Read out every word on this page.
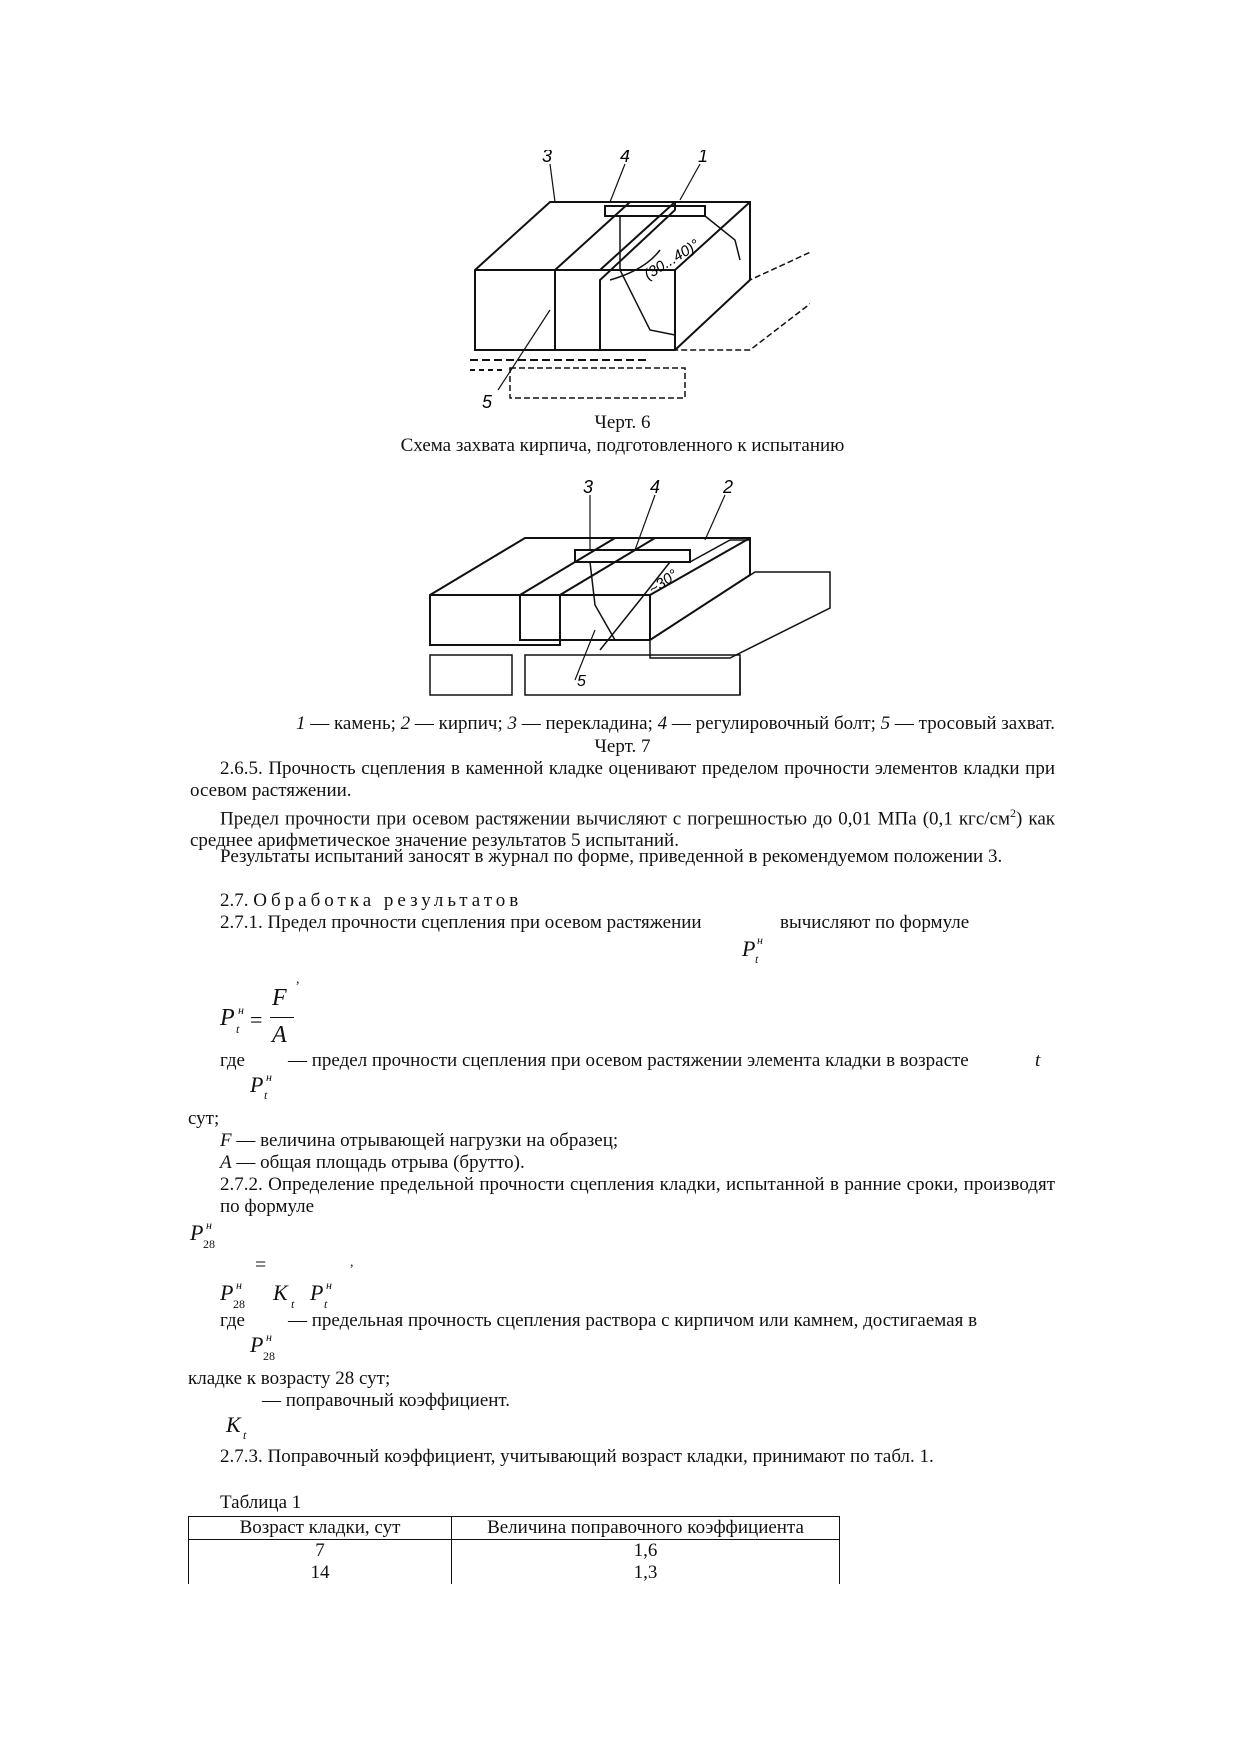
3	4	1
5
(30...40)°
Черт. 6
Схема захвата кирпича, подготовленного к испытанию
3	4	2
5
~30°
1 — камень; 2 — кирпич; 3 — перекладина; 4 — регулировочный болт; 5 — тросовый захват.
Черт. 7
2.6.5. Прочность сцепления в каменной кладке оценивают пределом прочности элементов кладки при осевом растяжении.
Предел прочности при осевом растяжении вычисляют с погрешностью до 0,01 МПа (0,1 кгс/$см^2$) как среднее арифметическое значение результатов 5 испытаний.
Результаты испытаний заносят в журнал по форме, приведенной в рекомендуемом положении 3.
2.7. Обработка результатов
2.7.1. Предел прочности сцепления при осевом растяжении	вычисляют по формуле
P н
t
,
P н
t =
F
A
где — предел прочности сцепления при осевом растяжении элемента кладки в возрасте	t
P н
t
сут;
F — величина отрывающей нагрузки на образец;
A — общая площадь отрыва (брутто).
2.7.2. Определение предельной прочности сцепления кладки, испытанной в ранние сроки, производят по формуле
P н
28
=	,
P н
28 K t P н
t
где — предельная прочность сцепления раствора с кирпичом или камнем, достигаемая в
P н
28
кладке к возрасту 28 сут;
— поправочный коэффициент.
K t
2.7.3. Поправочный коэффициент, учитывающий возраст кладки, принимают по табл. 1.
Таблица 1
Возраст кладки, сут	Величина поправочного коэффициента
7	1,6
14	1,3
